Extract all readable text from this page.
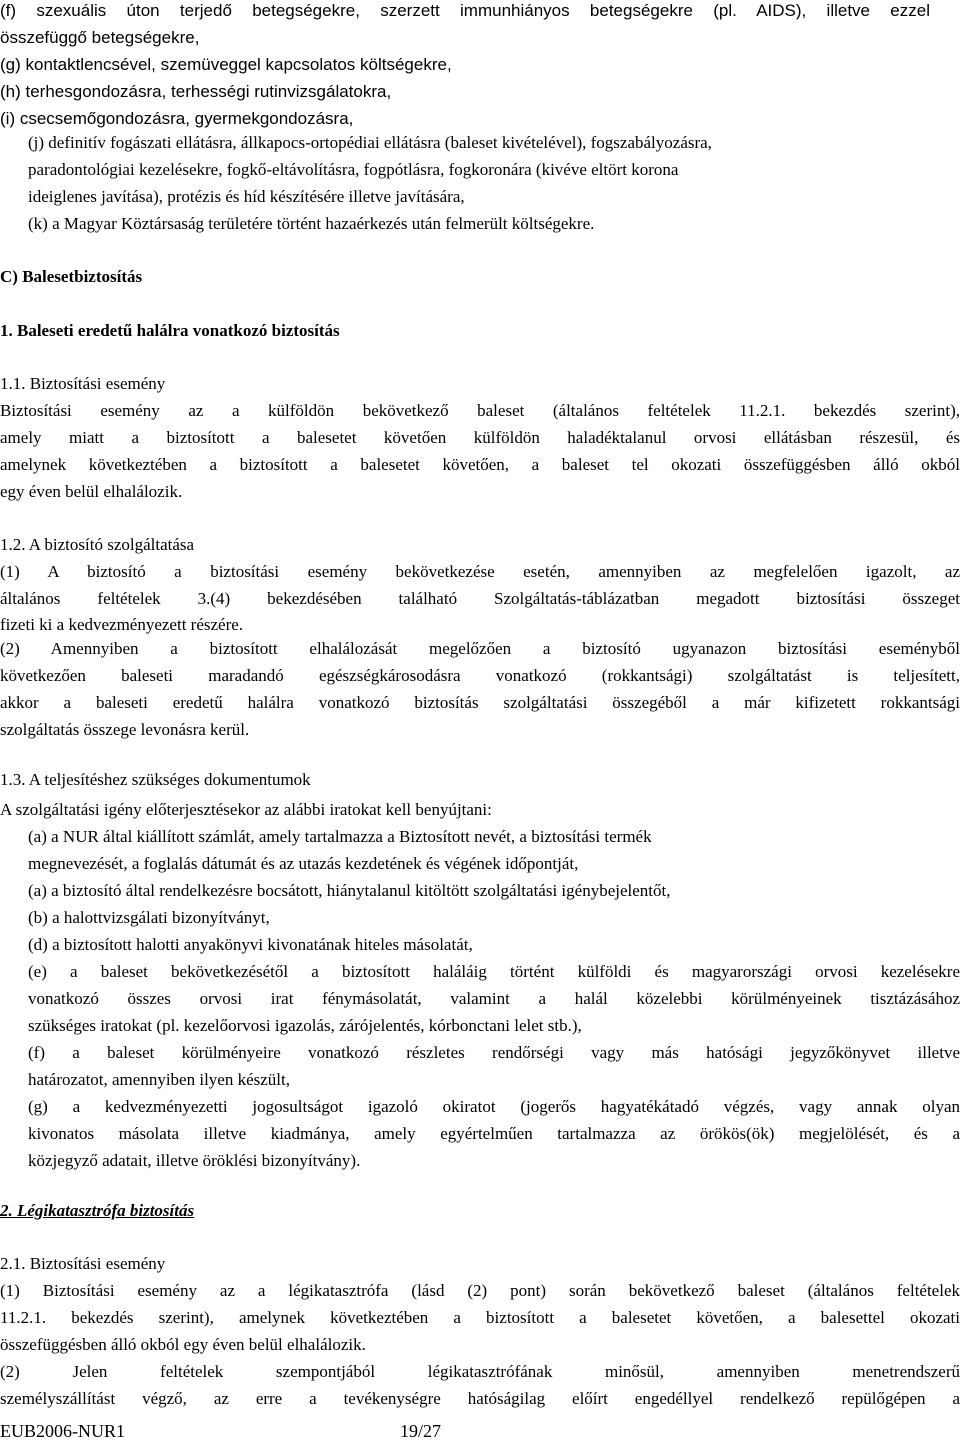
(f) szexuális úton terjedő betegségekre, szerzett immunhiányos betegségekre (pl. AIDS), illetve ezzel
összefüggő betegségekre,
(g) kontaktlencsével, szemüveggel kapcsolatos költségekre,
(h) terhesgondozásra, terhességi rutinvizsgálatokra,
(i) csecsemőgondozásra, gyermekgondozásra,
(j) definitív fogászati ellátásra, állkapocs-ortopédiai ellátásra (baleset kivételével), fogszabályozásra,
paradontológiai kezelésekre, fogkő-eltávolításra, fogpótlásra, fogkoronára (kivéve eltört korona
ideiglenes javítása), protézis és híd készítésére illetve javítására,
(k) a Magyar Köztársaság területére történt hazaérkezés után felmerült költségekre.
C) Balesetbiztosítás
1. Baleseti eredetű halálra vonatkozó biztosítás
1.1. Biztosítási esemény
Biztosítási esemény az a külföldön bekövetkező baleset (általános feltételek 11.2.1. bekezdés szerint),
amely miatt a biztosított a balesetet követően külföldön haladéktalanul orvosi ellátásban részesül, és
amelynek következtében a biztosított a balesetet követően, a baleset tel okozati összefüggésben álló okból
egy éven belül elhalálozik.
1.2. A biztosító szolgáltatása
(1) A biztosító a biztosítási esemény bekövetkezése esetén, amennyiben az megfelelően igazolt, az
általános feltételek 3.(4) bekezdésében található Szolgáltatás-táblázatban megadott biztosítási összeget
fizeti ki a kedvezményezett részére.
(2) Amennyiben a biztosított elhalálozását megelőzően a biztosító ugyanazon biztosítási eseményből
következően baleseti maradandó egészségkárosodásra vonatkozó (rokkantsági) szolgáltatást is teljesített,
akkor a baleseti eredetű halálra vonatkozó biztosítás szolgáltatási összegéből a már kifizetett rokkantsági
szolgáltatás összege levonásra kerül.
1.3. A teljesítéshez szükséges dokumentumok
A szolgáltatási igény előterjesztésekor az alábbi iratokat kell benyújtani:
(a) a NUR által kiállított számlát, amely tartalmazza a Biztosított nevét, a biztosítási termék
megnevezését, a foglalás dátumát és az utazás kezdetének és végének időpontját,
(a) a biztosító által rendelkezésre bocsátott, hiánytalanul kitöltött szolgáltatási igénybejelentőt,
(b) a halottvizsgálati bizonyítványt,
(d) a biztosított halotti anyakönyvi kivonatának hiteles másolatát,
(e) a baleset bekövetkezésétől a biztosított haláláig történt külföldi és magyarországi orvosi kezelésekre
vonatkozó összes orvosi irat fénymásolatát, valamint a halál közelebbi körülményeinek tisztázásához
szükséges iratokat (pl. kezelőorvosi igazolás, zárójelentés, kórbonctani lelet stb.),
(f) a baleset körülményeire vonatkozó részletes rendőrségi vagy más hatósági jegyzőkönyvet illetve
határozatot, amennyiben ilyen készült,
(g) a kedvezményezetti jogosultságot igazoló okiratot (jogerős hagyatékátadó végzés, vagy annak olyan
kivonatos másolata illetve kiadmánya, amely egyértelműen tartalmazza az örökös(ök) megjelölését, és a
közjegyző adatait, illetve öröklési bizonyítvány).
2. Légikatasztrófa biztosítás
2.1. Biztosítási esemény
(1) Biztosítási esemény az a légikatasztrófa (lásd (2) pont) során bekövetkező baleset (általános feltételek
11.2.1. bekezdés szerint), amelynek következtében a biztosított a balesetet követően, a balesettel okozati
összefüggésben álló okból egy éven belül elhalálozik.
(2) Jelen feltételek szempontjából légikatasztrófának minősül, amennyiben menetrendszerű
személyszállítást végző, az erre a tevékenységre hatóságilag előírt engedéllyel rendelkező repülőgépen a
EUB2006-NUR1	19/27
